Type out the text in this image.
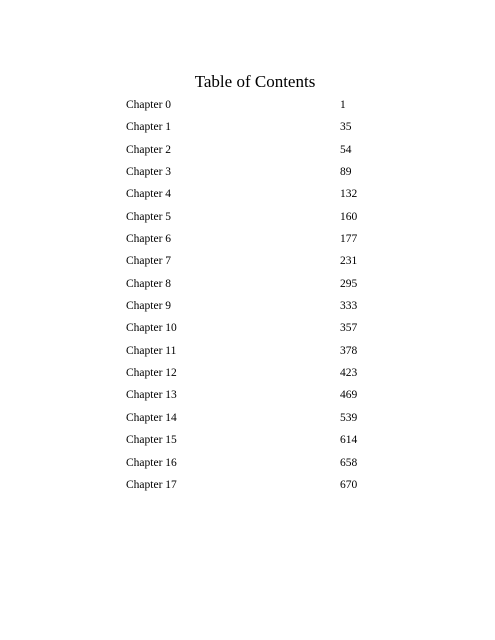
Table of Contents
Chapter 0	1
Chapter 1	35
Chapter 2	54
Chapter 3	89
Chapter 4	132
Chapter 5	160
Chapter 6	177
Chapter 7	231
Chapter 8	295
Chapter 9	333
Chapter 10	357
Chapter 11	378
Chapter 12	423
Chapter 13	469
Chapter 14	539
Chapter 15	614
Chapter 16	658
Chapter 17	670
